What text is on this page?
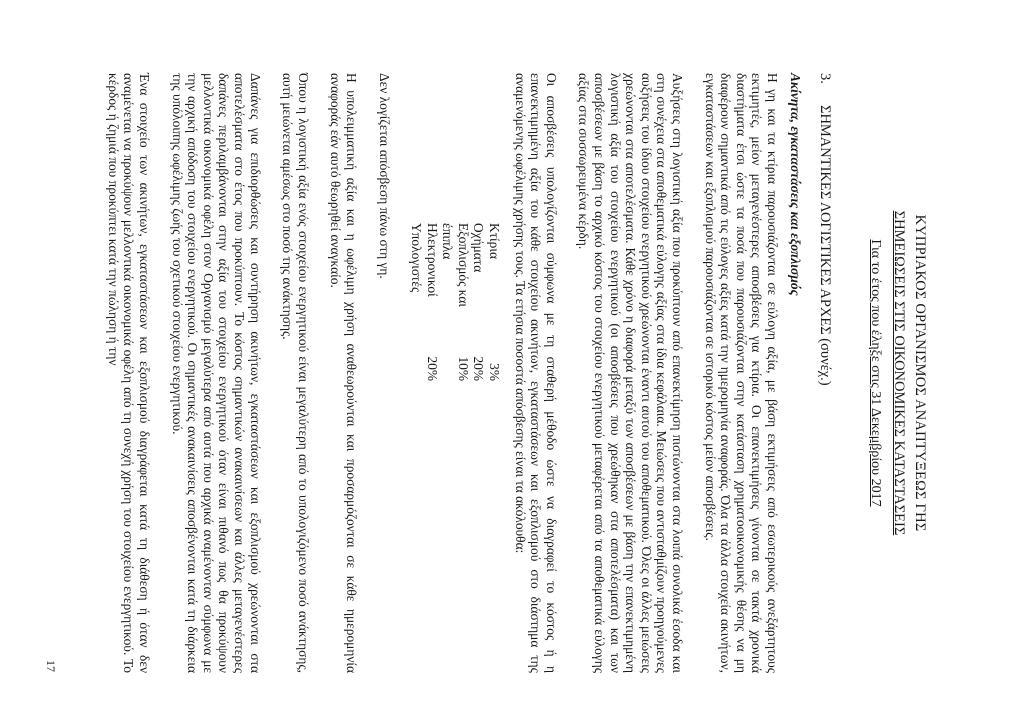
ΚΥΠΡΙΑΚΟΣ ΟΡΓΑΝΙΣΜΟΣ ΑΝΑΠΤΥΞΕΩΣ ΓΗΣ
ΣΗΜΕΙΩΣΕΙΣ ΣΤΙΣ ΟΙΚΟΝΟΜΙΚΕΣ ΚΑΤΑΣΤΑΣΕΙΣ
Για το έτος που έληξε στις 31 Δεκεμβρίου 2017
3.ΣΗΜΑΝΤΙΚΕΣ ΛΟΓΙΣΤΙΚΕΣ ΑΡΧΕΣ (συνέχ.)
Ακίνητα, εγκαταστάσεις και εξοπλισμός
Η γη και τα κτίρια παρουσιάζονται σε εύλογη αξία, με βάση εκτιμήσεις από εσωτερικούς ανεξάρτητους εκτιμητές, μείον μεταγενέστερες αποσβέσεις για κτίρια. Οι επανεκτιμήσεις γίνονται σε τακτά χρονικά διαστήματα έτσι ώστε τα ποσά που παρουσιάζονται στην κατάσταση χρηματοοικονομικής θέσης να μη διαφέρουν σημαντικά από τις εύλογες αξίες κατά την ημερομηνία αναφοράς. Όλα τα άλλα στοιχεία ακινήτων, εγκαταστάσεων και εξοπλισμού παρουσιάζονται σε ιστορικό κόστος μείον αποσβέσεις.
Αυξήσεις στη λογιστική αξία που προκύπτουν από επανεκτίμηση πιστώνονται στα λοιπά συνολικά έσοδα και στη συνέχεια στα αποθεματικά εύλογης αξίας στα ίδια κεφάλαια. Μειώσεις που αντισταθμίζουν προηγούμενες αυξήσεις του ίδιου στοιχείου ενεργητικού χρεώνονται έναντι αυτού του αποθεματικού. Όλες οι άλλες μειώσεις χρεώνονται στα αποτελέσματα. Κάθε χρόνο η διαφορά μεταξύ των αποσβέσεων με βάση την επανεκτιμημένη λογιστική αξία του στοιχείου ενεργητικού (οι αποσβέσεις που χρεώθηκαν στα αποτελέσματα) και των αποσβέσεων με βάση το αρχικό κόστος του στοιχείου ενεργητικού μεταφέρεται από τα αποθεματικά εύλογης αξίας στα συσσωρευμένα κέρδη.
Οι αποσβέσεις υπολογίζονται σύμφωνα με τη σταθερή μέθοδο ώστε να διαγραφεί το κόστος ή η επανεκτιμημένη αξία του κάθε στοιχείου ακινήτων, εγκαταστάσεων και εξοπλισμού στο διάστημα της αναμενόμενης ωφέλιμης χρήσης τους. Τα ετήσια ποσοστά απόσβεσης είναι τα ακόλουθα:
Κτίρια
3%
Οχήματα
20%
Εξοπλισμός και έπιπλα
10%
Ηλεκτρονικοί Υπολογιστές
20%
Δεν λογίζεται απόσβεση πάνω στη γη.
Η υπολειμματική αξία και η ωφέλιμη χρήση αναθεωρούνται και προσαρμόζονται σε κάθε ημερομηνία αναφοράς εάν αυτό θεωρηθεί αναγκαίο.
Όπου η λογιστική αξία ενός στοιχείου ενεργητικού είναι μεγαλύτερη από το υπολογιζόμενο ποσό ανάκτησης, αυτή μειώνεται αμέσως στο ποσό της ανάκτησης.
Δαπάνες για επιδιορθώσεις και συντήρηση ακινήτων, εγκαταστάσεων και εξοπλισμού χρεώνονται στα αποτελέσματα στο έτος που προκύπτουν. Το κόστος σημαντικών ανακαινίσεων και άλλες μεταγενέστερες δαπάνες περιλαμβάνονται στην αξία του στοιχείου ενεργητικού όταν είναι πιθανό πως θα προκύψουν μελλοντικά οικονομικά οφέλη στον Οργανισμό μεγαλύτερα από αυτά που αρχικά αναμένονταν σύμφωνα με την αρχική απόδοση του στοιχείου ενεργητικού. Οι σημαντικές ανακαινίσεις αποσβένονται κατά τη διάρκεια της υπόλοιπης ωφέλιμης ζωής του σχετικού στοιχείου ενεργητικού.
Ένα στοιχείο των ακινήτων, εγκαταστάσεων και εξοπλισμού διαγράφεται κατά τη διάθεση ή όταν δεν αναμένεται να προκύψουν μελλοντικά οικονομικά οφέλη από τη συνεχή χρήση του στοιχείου ενεργητικού. Το κέρδος ή ζημιά που προκύπτει κατά την πώληση ή την
17
